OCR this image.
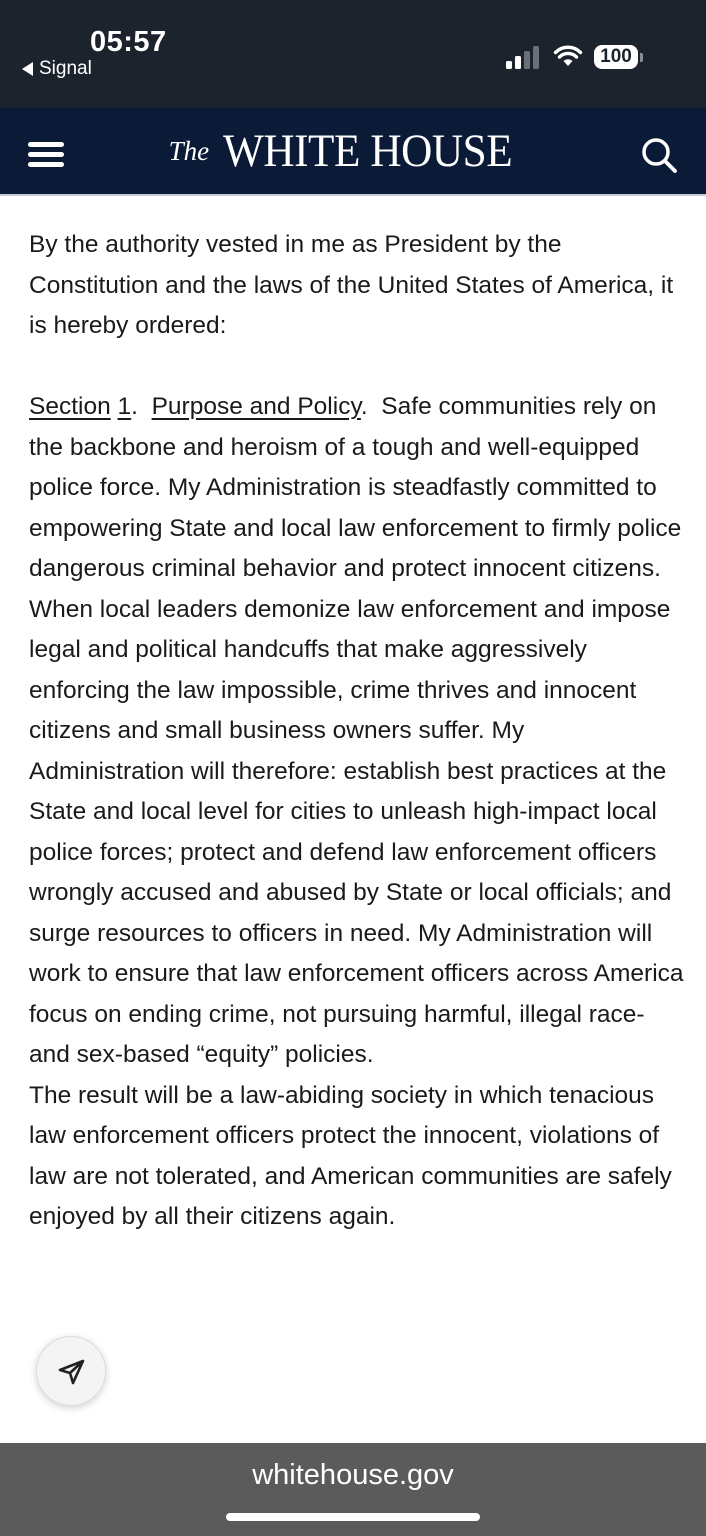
05:57
Signal
100
The WHITE HOUSE

By the authority vested in me as President by the Constitution and the laws of the United States of America, it is hereby ordered:

Section 1.  Purpose and Policy.  Safe communities rely on the backbone and heroism of a tough and well-equipped police force. My Administration is steadfastly committed to empowering State and local law enforcement to firmly police dangerous criminal behavior and protect innocent citizens.

When local leaders demonize law enforcement and impose legal and political handcuffs that make aggressively enforcing the law impossible, crime thrives and innocent citizens and small business owners suffer. My Administration will therefore: establish best practices at the State and local level for cities to unleash high-impact local police forces; protect and defend law enforcement officers wrongly accused and abused by State or local officials; and surge resources to officers in need. My Administration will work to ensure that law enforcement officers across America focus on ending crime, not pursuing harmful, illegal race- and sex-based “equity” policies.

The result will be a law-abiding society in which tenacious law enforcement officers protect the innocent, violations of law are not tolerated, and American communities are safely enjoyed by all their citizens again.

whitehouse.gov
